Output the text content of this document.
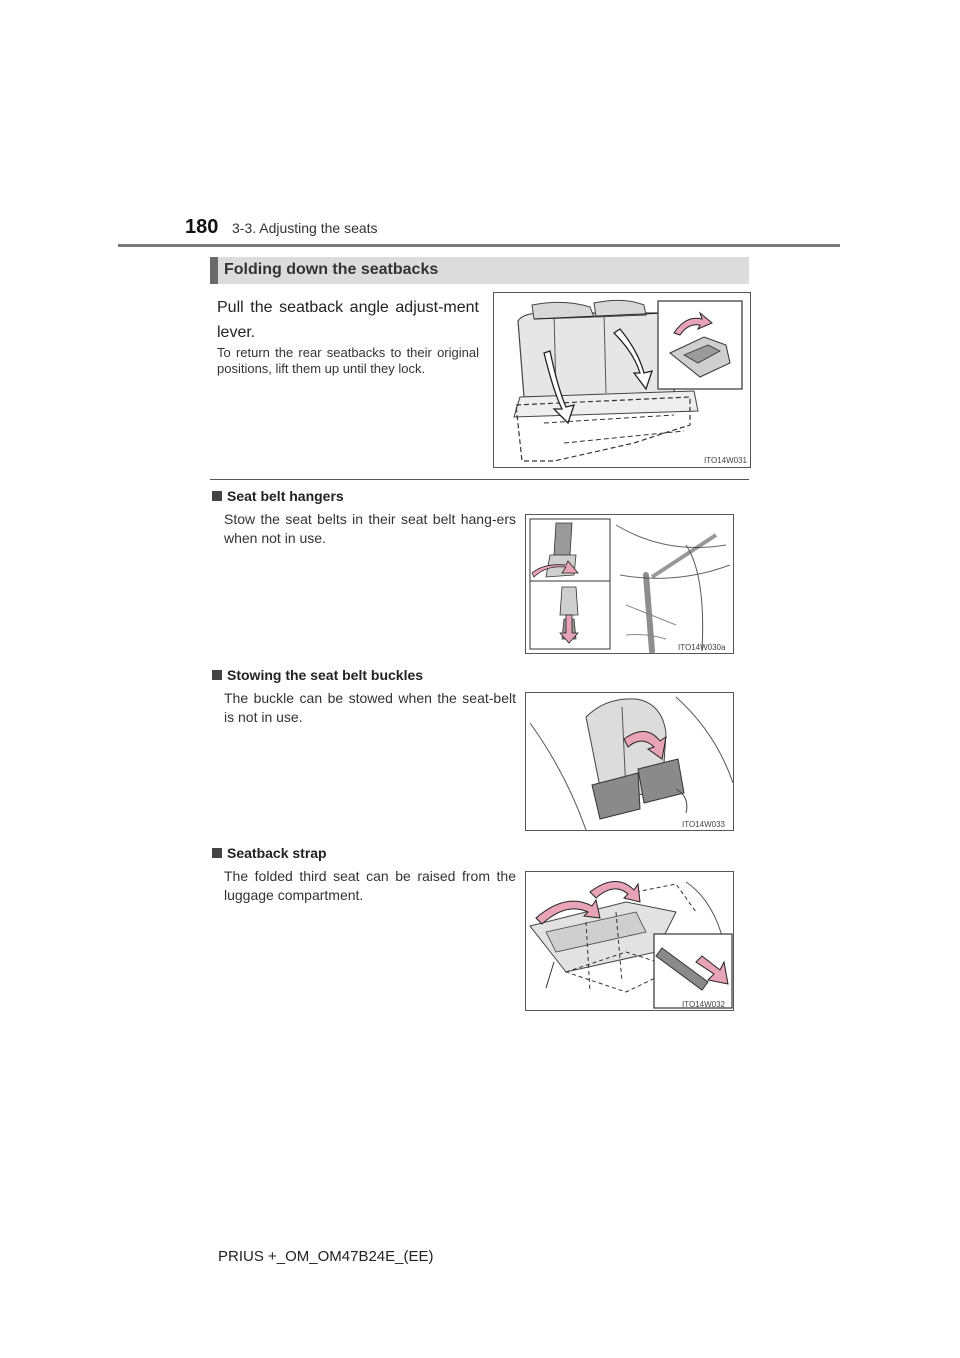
180 3-3. Adjusting the seats
Folding down the seatbacks
Pull the seatback angle adjust-ment lever.
To return the rear seatbacks to their original positions, lift them up until they lock.
ITO14W031
Seat belt hangers
Stow the seat belts in their seat belt hang-ers when not in use.
ITO14W030a
Stowing the seat belt buckles
The buckle can be stowed when the seat-belt is not in use.
ITO14W033
Seatback strap
The folded third seat can be raised from the luggage compartment.
ITO14W032
PRIUS +_OM_OM47B24E_(EE)
